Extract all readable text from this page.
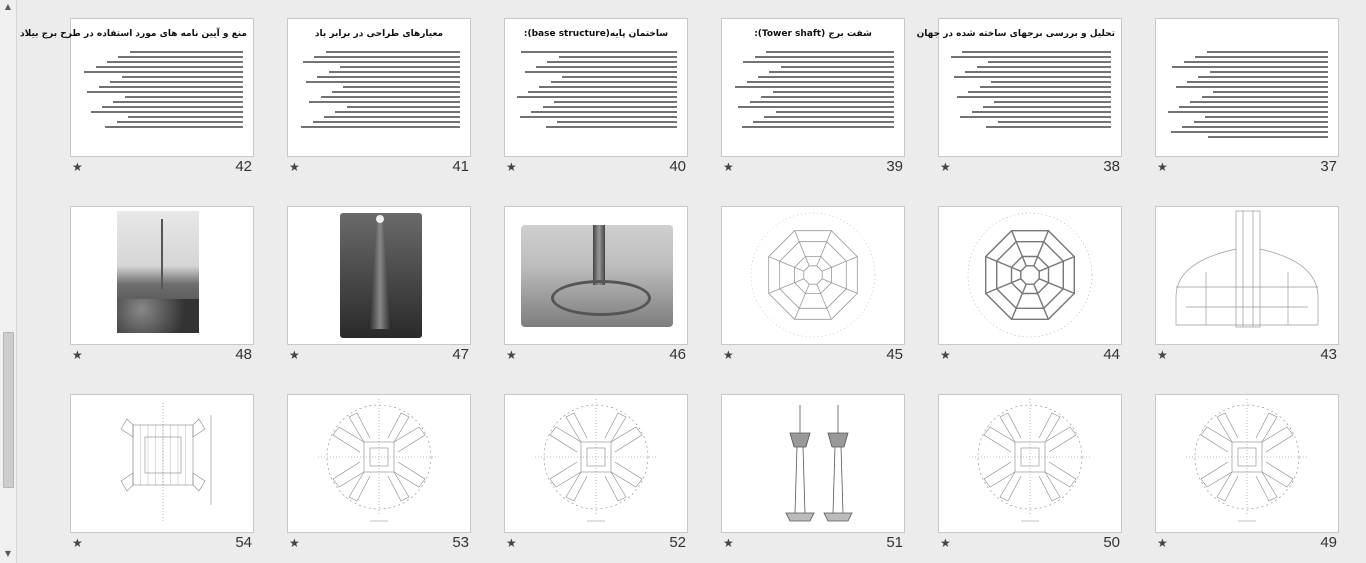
▲
▼
منع و آیین نامه های مورد استفاده در طرح برج بیلاد
★	42
معیارهای طراحی در برابر باد
★	41
ساختمان پایه(base structure):
★	40
شفت برج (Tower shaft):
★	39
تحلیل و بررسی برجهای ساخته شده در جهان
★	38	★	37
★	48	★	47	★	46	★	45	★	44	★	43
★	54	★	53	★	52	★	51	★	50	★	49
